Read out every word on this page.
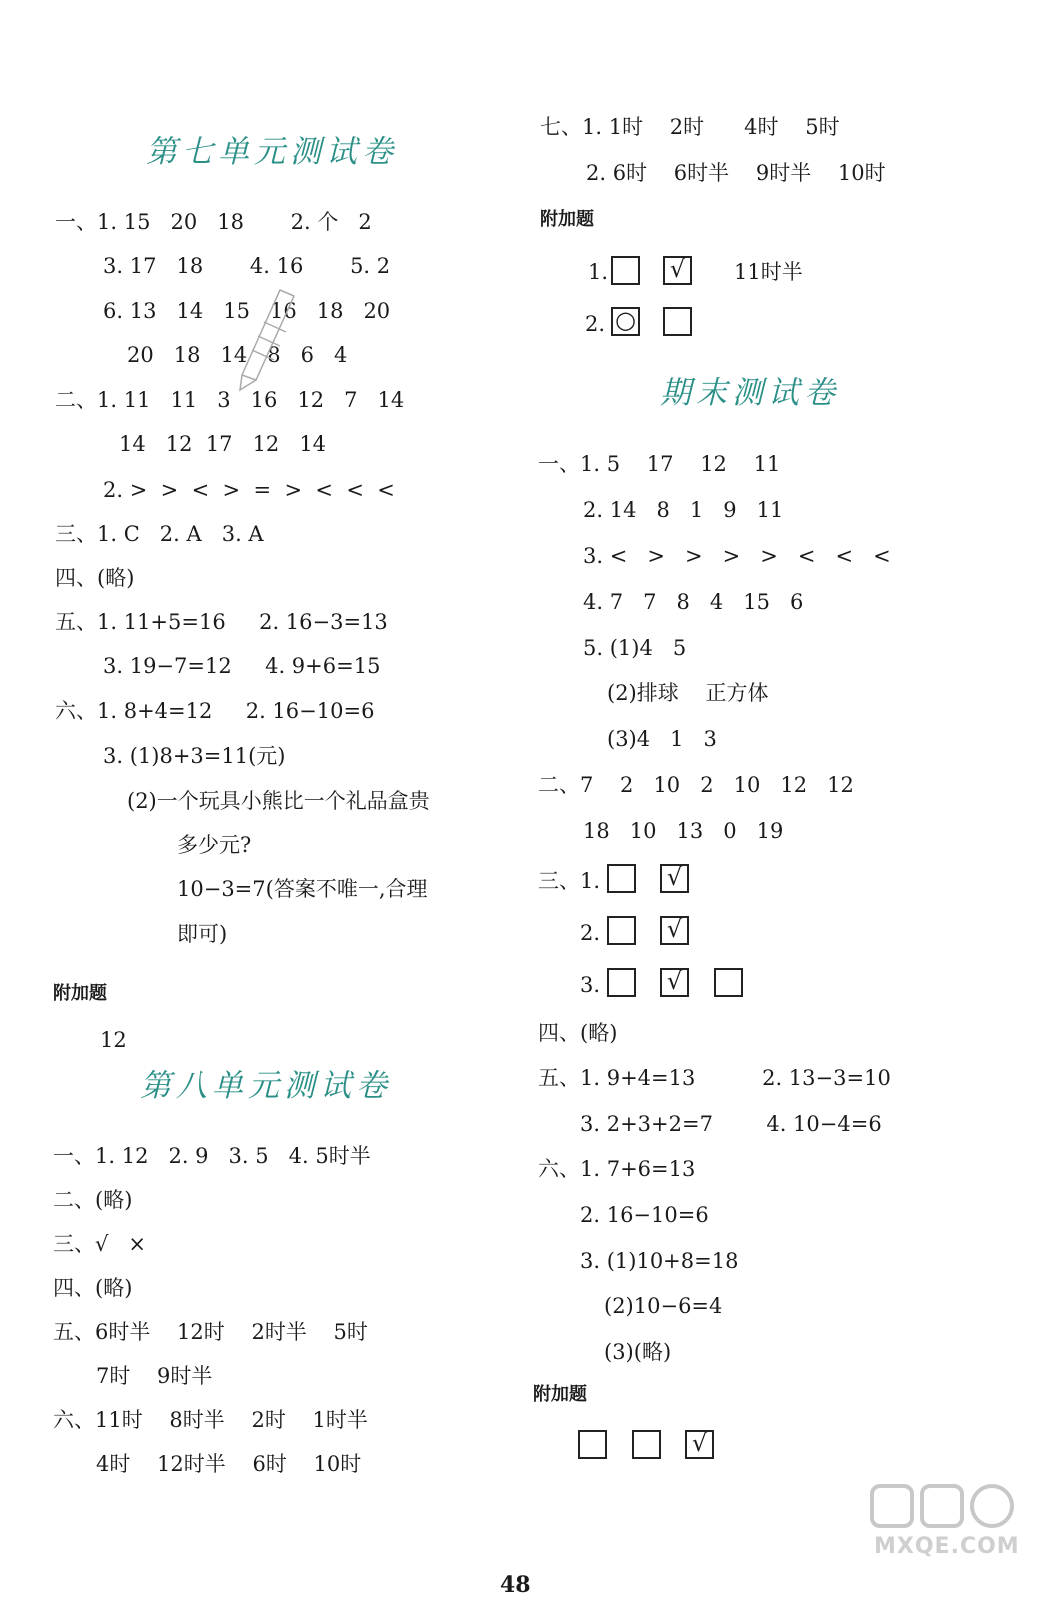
第七单元测试卷
一、1. 15   20   18       2. 个   2
3. 17   18       4. 16       5. 2
6. 13   14   15   16   18   20
20   18   14   8   6   4
二、1. 11   11   3   16   12   7   14
14   12  17   12   14
2. >  >  <  >  =  >  <  <  <
三、1. C   2. A   3. A
四、(略)
五、1. 11+5=16     2. 16−3=13
3. 19−7=12     4. 9+6=15
六、1. 8+4=12     2. 16−10=6
3. (1)8+3=11(元)
(2)一个玩具小熊比一个礼品盒贵
多少元?
10−3=7(答案不唯一,合理
即可)
附加题
12
第八单元测试卷
一、1. 12   2. 9   3. 5   4. 5时半
二、(略)
三、√   ×
四、(略)
五、6时半    12时    2时半    5时
7时    9时半
六、11时    8时半    2时    1时半
4时    12时半    6时    10时
七、1. 1时    2时      4时    5时
2. 6时    6时半    9时半    10时
附加题
1.	√ 11时半
2. ○
期末测试卷
一、1. 5    17    12    11
2. 14   8   1   9   11
3. <   >   >   >   >   <   <   <
4. 7   7   8   4   15   6
5. (1)4   5
(2)排球    正方体
(3)4   1   3
二、7    2   10   2   10   12   12
18   10   13   0   19
三、1.	√
2.	√
3.	√
四、(略)
五、1. 9+4=13          2. 13−3=10
3. 2+3+2=7        4. 10−4=6
六、1. 7+6=13
2. 16−10=6
3. (1)10+8=18
(2)10−6=4
(3)(略)
附加题
√
48
MXQE.COM
